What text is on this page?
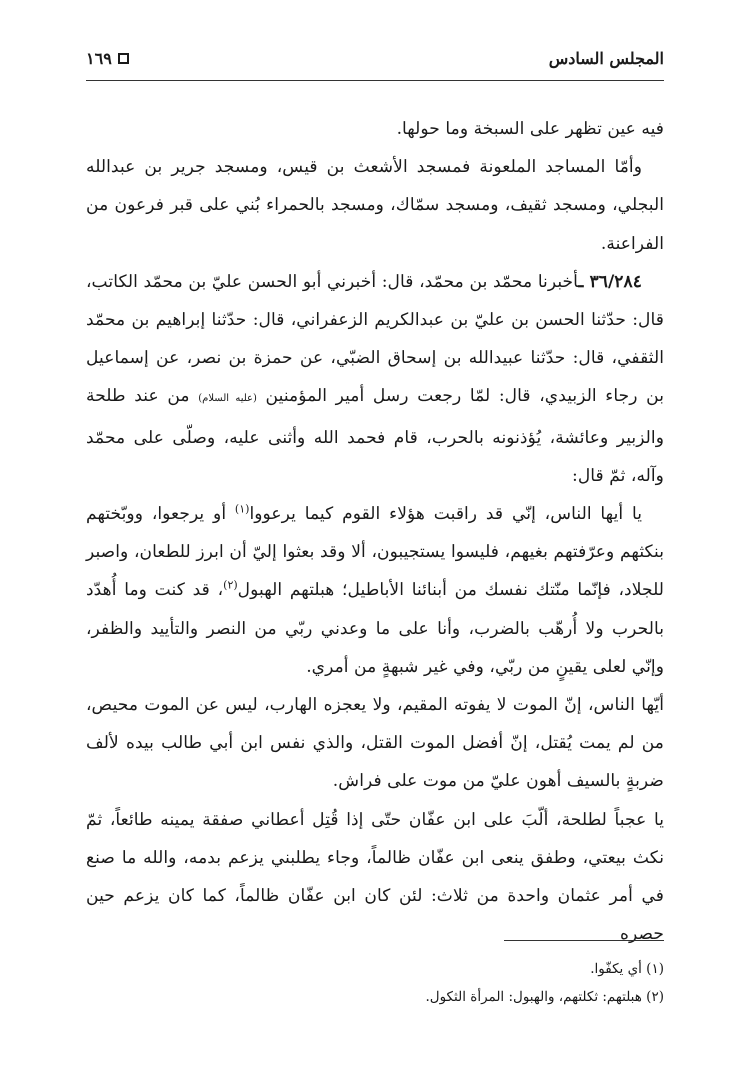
المجلس السادس
١٦٩

فيه عين تظهر على السبخة وما حولها.

وأمّا المساجد الملعونة فمسجد الأشعث بن قيس، ومسجد جرير بن عبدالله البجلي، ومسجد ثقيف، ومسجد سمّاك، ومسجد بالحمراء بُني على قبر فرعون من الفراعنة.

٣٦/٢٨٤ ـأخبرنا محمّد بن محمّد، قال: أخبرني أبو الحسن عليّ بن محمّد الكاتب، قال: حدّثنا الحسن بن عليّ بن عبدالكريم الزعفراني، قال: حدّثنا إبراهيم بن محمّد الثقفي، قال: حدّثنا عبيدالله بن إسحاق الضبّي، عن حمزة بن نصر، عن إسماعيل بن رجاء الزبيدي، قال: لمّا رجعت رسل أمير المؤمنين (عليه السلام) من عند طلحة والزبير وعائشة، يُؤذنونه بالحرب، قام فحمد الله وأثنى عليه، وصلّى على محمّد وآله، ثمّ قال:

يا أيها الناس، إنّي قد راقبت هؤلاء القوم كيما يرعووا$^{(١)}$ أو يرجعوا، ووبّختهم بنكثهم وعرّفتهم بغيهم، فليسوا يستجيبون، ألا وقد بعثوا إليّ أن ابرز للطعان، واصبر للجلاد، فإنّما منّتك نفسك من أبنائنا الأباطيل؛ هبلتهم الهبول$^{(٢)}$، قد كنت وما أُهدّد بالحرب ولا أُرهّب بالضرب، وأنا على ما وعدني ربّي من النصر والتأييد والظفر، وإنّي لعلى يقينٍ من ربّي، وفي غير شبهةٍ من أمري.

أيّها الناس، إنّ الموت لا يفوته المقيم، ولا يعجزه الهارب، ليس عن الموت محيص، من لم يمت يُقتل، إنّ أفضل الموت القتل، والذي نفس ابن أبي طالب بيده لألف ضربةٍ بالسيف أهون عليّ من موت على فراش.

يا عجباً لطلحة، ألّبَ على ابن عفّان حتّى إذا قُتِل أعطاني صفقة يمينه طائعاً، ثمّ نكث بيعتي، وطفق ينعى ابن عفّان ظالماً، وجاء يطلبني يزعم بدمه، والله ما صنع في أمر عثمان واحدة من ثلاث: لئن كان ابن عفّان ظالماً، كما كان يزعم حين حصره

(١) أي يكفّوا.

(٢) هبلتهم: ثكلتهم، والهبول: المرأة الثكول.
